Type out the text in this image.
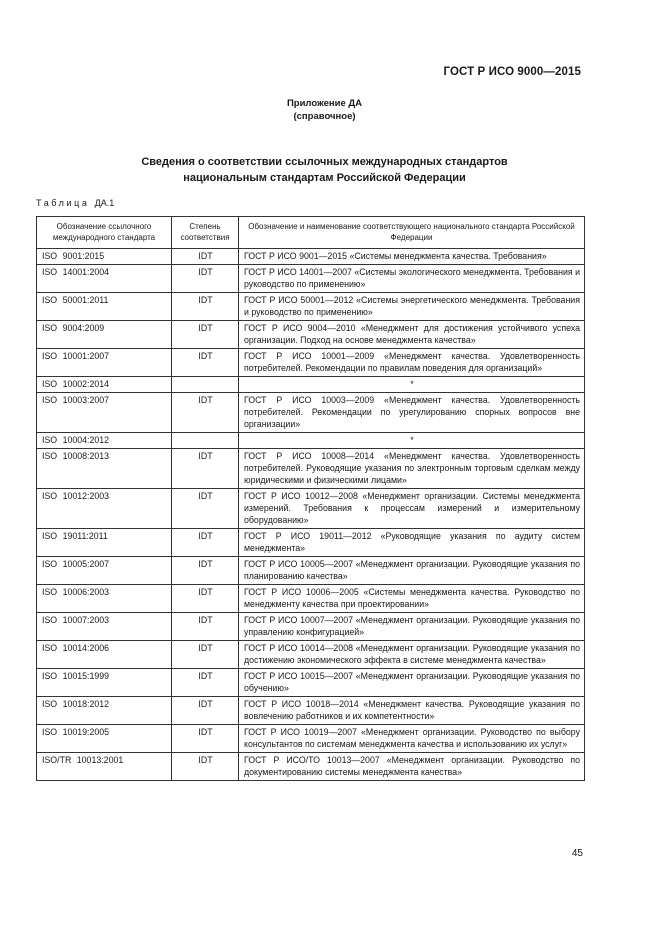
ГОСТ Р ИСО 9000—2015
Приложение ДА
(справочное)
Сведения о соответствии ссылочных международных стандартов
национальным стандартам Российской Федерации
Таблица ДА.1
Обозначение ссылочного международного стандарта	Степень соответствия	Обозначение и наименование соответствующего национального стандарта Российской Федерации
ISO 9001:2015	IDT	ГОСТ Р ИСО 9001—2015 «Системы менеджмента качества. Требования»
ISO 14001:2004	IDT	ГОСТ Р ИСО 14001—2007 «Системы экологического менеджмента. Требования и руководство по применению»
ISO 50001:2011	IDT	ГОСТ Р ИСО 50001—2012 «Системы энергетического менеджмента. Требования и руководство по применению»
ISO 9004:2009	IDT	ГОСТ Р ИСО 9004—2010 «Менеджмент для достижения устойчивого успеха организации. Подход на основе менеджмента качества»
ISO 10001:2007	IDT	ГОСТ Р ИСО 10001—2009 «Менеджмент качества. Удовлетворенность потребителей. Рекомендации по правилам поведения для организаций»
ISO 10002:2014		*
ISO 10003:2007	IDT	ГОСТ Р ИСО 10003—2009 «Менеджмент качества. Удовлетворенность потребителей. Рекомендации по урегулированию спорных вопросов вне организации»
ISO 10004:2012		*
ISO 10008:2013	IDT	ГОСТ Р ИСО 10008—2014 «Менеджмент качества. Удовлетворенность потребителей. Руководящие указания по электронным торговым сделкам между юридическими и физическими лицами»
ISO 10012:2003	IDT	ГОСТ Р ИСО 10012—2008 «Менеджмент организации. Системы менеджмента измерений. Требования к процессам измерений и измерительному оборудованию»
ISO 19011:2011	IDT	ГОСТ Р ИСО 19011—2012 «Руководящие указания по аудиту систем менеджмента»
ISO 10005:2007	IDT	ГОСТ Р ИСО 10005—2007 «Менеджмент организации. Руководящие указания по планированию качества»
ISO 10006:2003	IDT	ГОСТ Р ИСО 10006—2005 «Системы менеджмента качества. Руководство по менеджменту качества при проектировании»
ISO 10007:2003	IDT	ГОСТ Р ИСО 10007—2007 «Менеджмент организации. Руководящие указания по управлению конфигурацией»
ISO 10014:2006	IDT	ГОСТ Р ИСО 10014—2008 «Менеджмент организации. Руководящие указания по достижению экономического эффекта в системе менеджмента качества»
ISO 10015:1999	IDT	ГОСТ Р ИСО 10015—2007 «Менеджмент организации. Руководящие указания по обучению»
ISO 10018:2012	IDT	ГОСТ Р ИСО 10018—2014 «Менеджмент качества. Руководящие указания по вовлечению работников и их компетентности»
ISO 10019:2005	IDT	ГОСТ Р ИСО 10019—2007 «Менеджмент организации. Руководство по выбору консультантов по системам менеджмента качества и использованию их услуг»
ISO/TR 10013:2001	IDT	ГОСТ Р ИСО/ТО 10013—2007 «Менеджмент организации. Руководство по документированию системы менеджмента качества»
45
